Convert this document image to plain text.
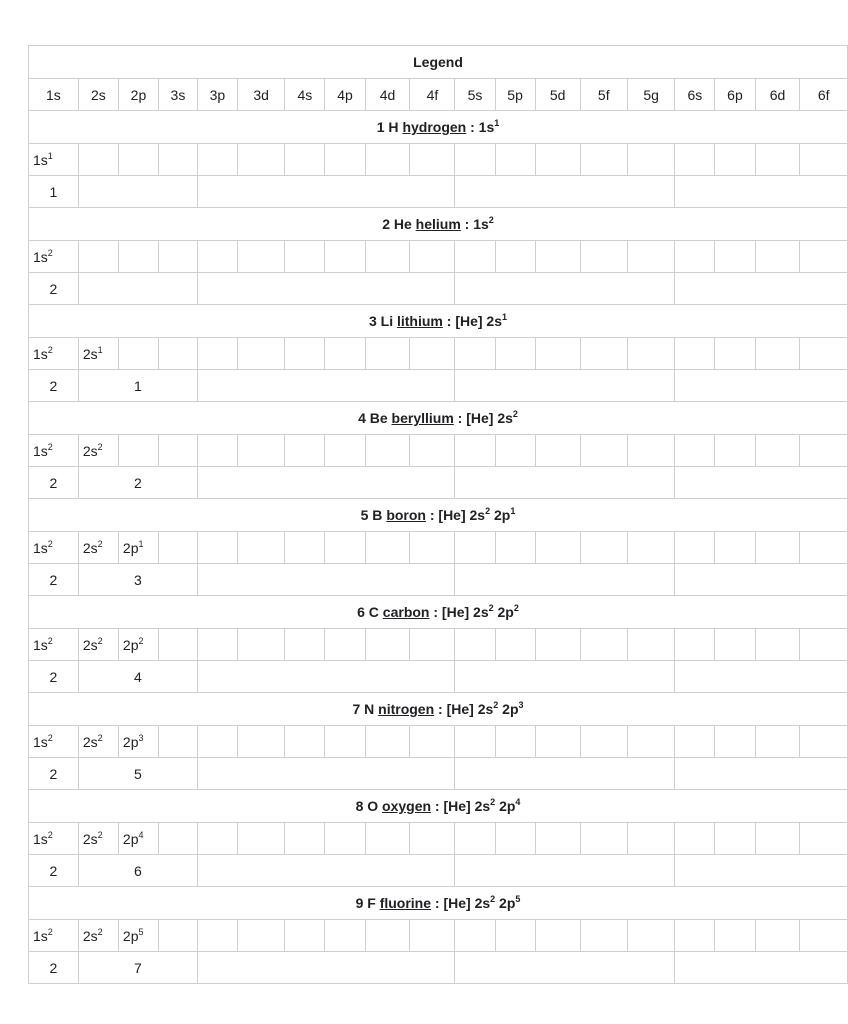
Legend																		
1s	2s	2p	3s	3p	3d	4s	4p	4d	4f	5s	5p	5d	5f	5g	6s	6p	6d	6f
1 H hydrogen : $1s^1$
$1s^1$																		
1																		
2 He helium : $1s^2$
$1s^2$																		
2																		
3 Li lithium : [He] $2s^1$
$1s^2$	$2s^1$																	
2	1																	
4 Be beryllium : [He] $2s^2$
$1s^2$	$2s^2$																	
2	2																	
5 B boron : [He] $2s^2$ $2p^1$
$1s^2$	$2s^2$	$2p^1$																
2	3																	
6 C carbon : [He] $2s^2$ $2p^2$
$1s^2$	$2s^2$	$2p^2$																
2	4																	
7 N nitrogen : [He] $2s^2$ $2p^3$
$1s^2$	$2s^2$	$2p^3$																
2	5																	
8 O oxygen : [He] $2s^2$ $2p^4$
$1s^2$	$2s^2$	$2p^4$																
2	6																	
9 F fluorine : [He] $2s^2$ $2p^5$
$1s^2$	$2s^2$	$2p^5$																
2	7																	
